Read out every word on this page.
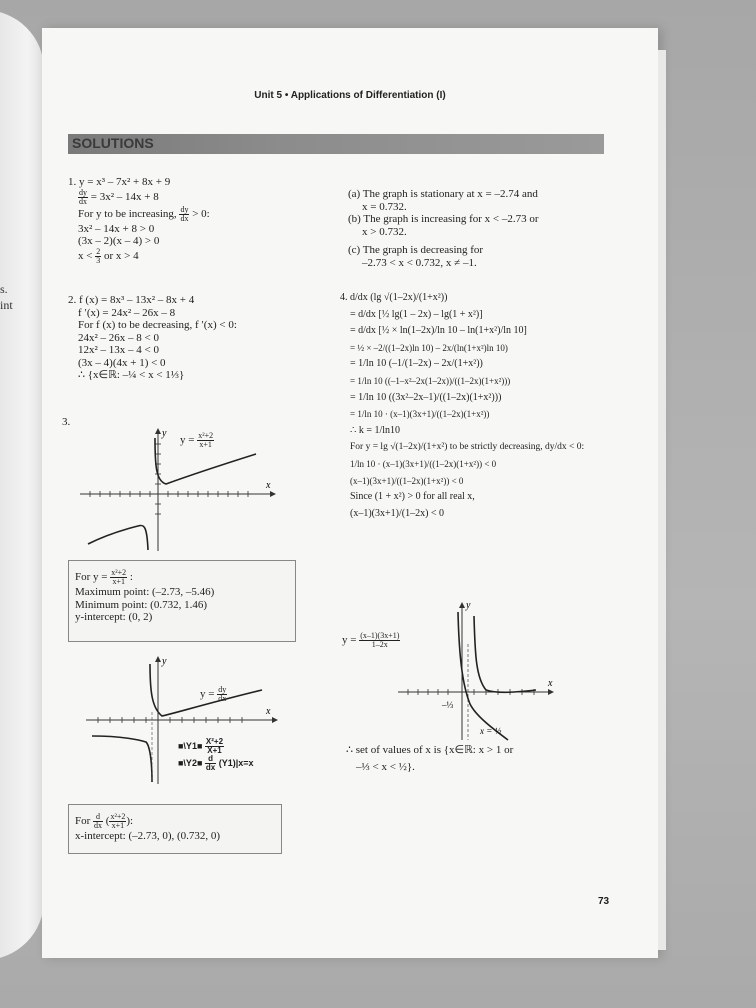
s.
int
Unit 5 • Applications of Differentiation (I)
SOLUTIONS
1. y = x³ – 7x² + 8x + 9
$\frac{dy}{dx} = 3x^2 - 14x + 8$
For y to be increasing, $\frac{dy}{dx} > 0$:
3x² – 14x + 8 > 0
(3x – 2)(x – 4) > 0
$x < \frac{2}{3}$ or x > 4
2. f (x) = 8x³ – 13x² – 8x + 4
f ′(x) = 24x² – 26x – 8
For f (x) to be decreasing, f ′(x) < 0:
24x² – 26x – 8 < 0
12x² – 13x – 4 < 0
(3x – 4)(4x + 1) < 0
∴ {x∈ℝ: –¼ < x < 1⅓}
3.
x
y
$y = \frac{\text{x²+2}}{x+1}$
For $y = \frac{\text{x²+2}}{x+1}$ :
Maximum point: (–2.73, –5.46)
Minimum point: (0.732, 1.46)
y-intercept: (0, 2)
x
y
$y = \frac{dy}{dx}$
■\Y1■ $\frac{\text{X²+2}}{X+1}$
■\Y2■ $\frac{d}{dx} (Y1)|x=x$
For $\frac{d}{dx}$ ( $\frac{\text{x²+2}}{x+1}$ ):
x-intercept: (–2.73, 0), (0.732, 0)
(a) The graph is stationary at x = –2.74 and
x = 0.732.
(b) The graph is increasing for x < –2.73 or
x > 0.732.
(c) The graph is decreasing for
–2.73 < x < 0.732, x ≠ –1.
4. d/dx (lg √(1–2x)/(1+x²))
= d/dx [½ lg(1 – 2x) – lg(1 + x²)]
= d/dx [½ × ln(1–2x)/ln 10 – ln(1+x²)/ln 10]
= ½ × –2/((1–2x)ln 10) – 2x/(ln(1+x²)ln 10)
= 1/ln 10 (–1/(1–2x) – 2x/(1+x²))
= 1/ln 10 ((–1–x²–2x(1–2x))/((1–2x)(1+x²)))
= 1/ln 10 ((3x²–2x–1)/((1–2x)(1+x²)))
= 1/ln 10 · (x–1)(3x+1)/((1–2x)(1+x²))
∴ k = 1/ln10
For y = lg √(1–2x)/(1+x²) to be strictly decreasing, dy/dx < 0:
1/ln 10 · (x–1)(3x+1)/((1–2x)(1+x²)) < 0
(x–1)(3x+1)/((1–2x)(1+x²)) < 0
Since (1 + x²) > 0 for all real x,
(x–1)(3x+1)/(1–2x) < 0
x
y
–⅓
x = ½
$y = \frac{(x-1)(3x+1)}{1-2x}$
∴ set of values of x is {x∈ℝ: x > 1 or
–⅓ < x < ½}.
73
